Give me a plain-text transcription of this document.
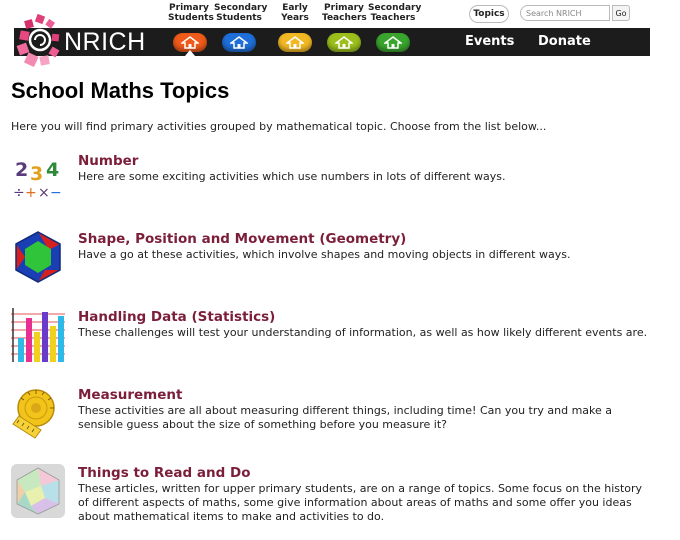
Primary
Students
Secondary
Students
Early
Years
Primary
Teachers
Secondary
Teachers	Topics
Search NRICH	Go
NRICH	Events Donate
School Maths Topics
Here you will find primary activities grouped by mathematical topic. Choose from the list below...
2 3 4
÷ + × −
Number
Here are some exciting activities which use numbers in lots of different ways.
Shape, Position and Movement (Geometry)
Have a go at these activities, which involve shapes and moving objects in different ways.
Handling Data (Statistics)
These challenges will test your understanding of information, as well as how likely different events are.
Measurement
These activities are all about measuring different things, including time! Can you try and make a sensible guess about the size of something before you measure it?
Things to Read and Do
These articles, written for upper primary students, are on a range of topics. Some focus on the history of different aspects of maths, some give information about areas of maths and some offer you ideas about mathematical items to make and activities to do.
